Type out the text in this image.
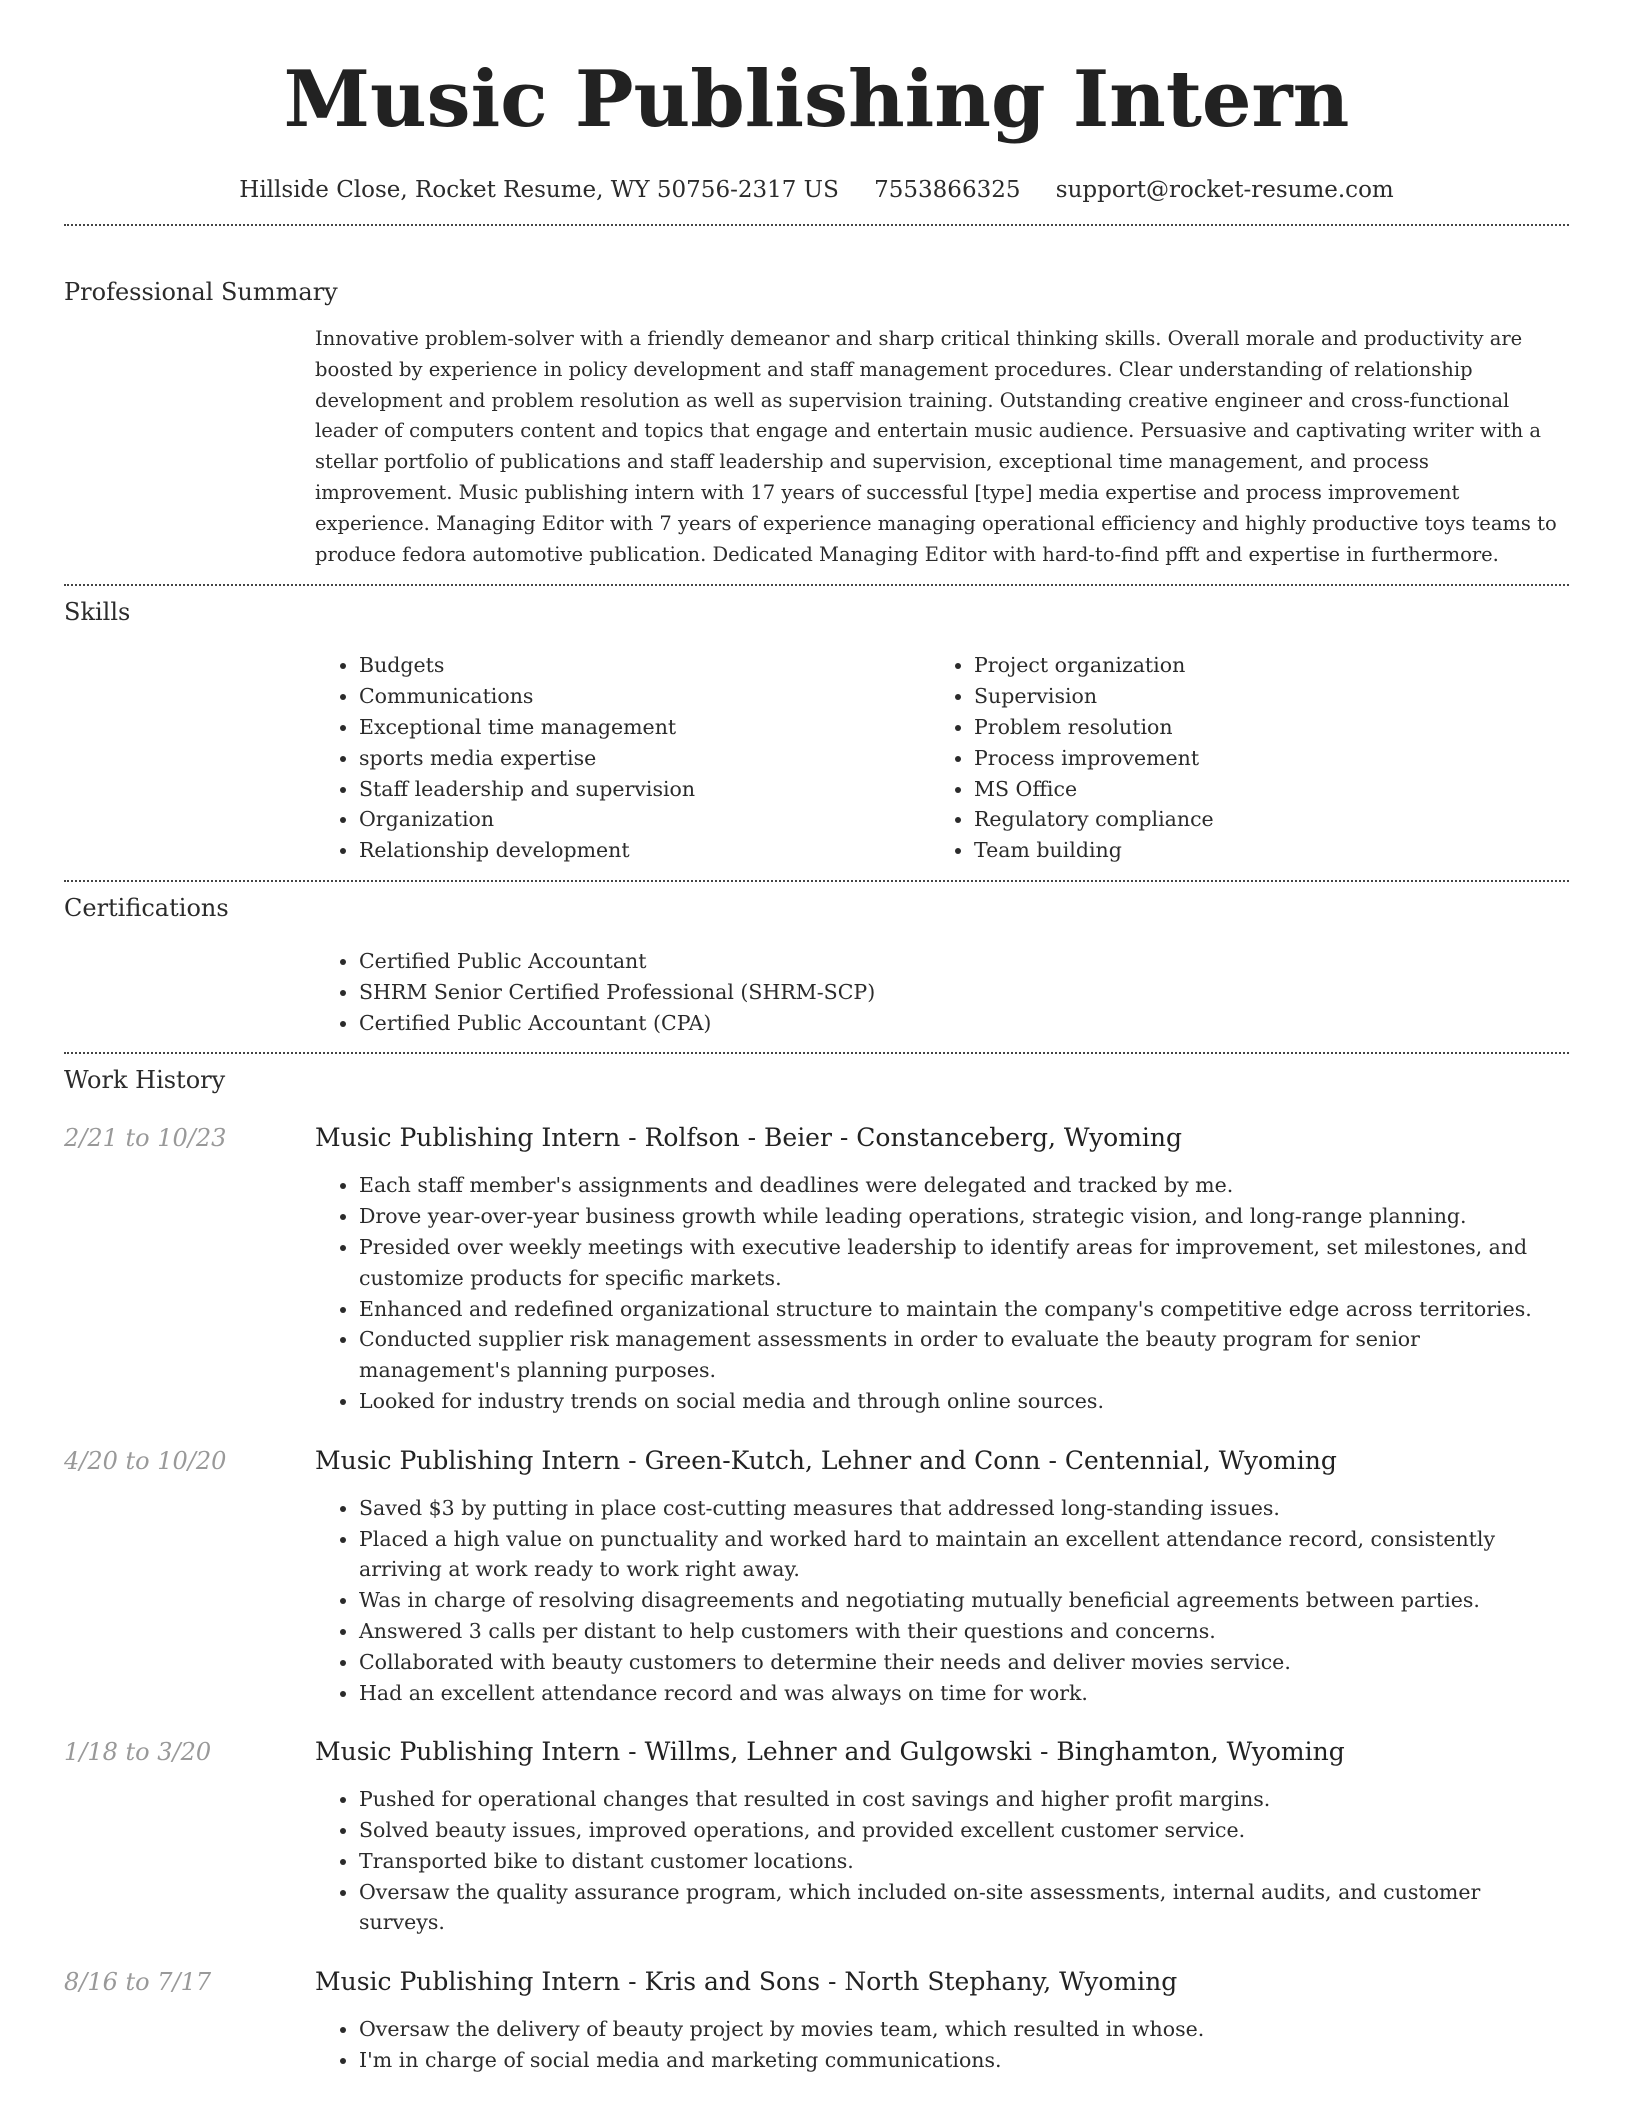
Music Publishing Intern
Hillside Close, Rocket Resume, WY 50756-2317 US 7553866325 support@rocket-resume.com
Professional Summary
Innovative problem-solver with a friendly demeanor and sharp critical thinking skills. Overall morale and productivity are boosted by experience in policy development and staff management procedures. Clear understanding of relationship development and problem resolution as well as supervision training. Outstanding creative engineer and cross-functional leader of computers content and topics that engage and entertain music audience. Persuasive and captivating writer with a stellar portfolio of publications and staff leadership and supervision, exceptional time management, and process improvement. Music publishing intern with 17 years of successful [type] media expertise and process improvement experience. Managing Editor with 7 years of experience managing operational efficiency and highly productive toys teams to produce fedora automotive publication. Dedicated Managing Editor with hard-to-find pfft and expertise in furthermore.
Skills
• Budgets
• Communications
• Exceptional time management
• sports media expertise
• Staff leadership and supervision
• Organization
• Relationship development
• Project organization
• Supervision
• Problem resolution
• Process improvement
• MS Office
• Regulatory compliance
• Team building
Certifications
• Certified Public Accountant
• SHRM Senior Certified Professional (SHRM-SCP)
• Certified Public Accountant (CPA)
Work History
2/21 to 10/23	Music Publishing Intern - Rolfson - Beier - Constanceberg, Wyoming
• Each staff member's assignments and deadlines were delegated and tracked by me.
• Drove year-over-year business growth while leading operations, strategic vision, and long-range planning.
• Presided over weekly meetings with executive leadership to identify areas for improvement, set milestones, and customize products for specific markets.
• Enhanced and redefined organizational structure to maintain the company's competitive edge across territories.
• Conducted supplier risk management assessments in order to evaluate the beauty program for senior management's planning purposes.
• Looked for industry trends on social media and through online sources.
4/20 to 10/20	Music Publishing Intern - Green-Kutch, Lehner and Conn - Centennial, Wyoming
• Saved $3 by putting in place cost-cutting measures that addressed long-standing issues.
• Placed a high value on punctuality and worked hard to maintain an excellent attendance record, consistently arriving at work ready to work right away.
• Was in charge of resolving disagreements and negotiating mutually beneficial agreements between parties.
• Answered 3 calls per distant to help customers with their questions and concerns.
• Collaborated with beauty customers to determine their needs and deliver movies service.
• Had an excellent attendance record and was always on time for work.
1/18 to 3/20	Music Publishing Intern - Willms, Lehner and Gulgowski - Binghamton, Wyoming
• Pushed for operational changes that resulted in cost savings and higher profit margins.
• Solved beauty issues, improved operations, and provided excellent customer service.
• Transported bike to distant customer locations.
• Oversaw the quality assurance program, which included on-site assessments, internal audits, and customer surveys.
8/16 to 7/17	Music Publishing Intern - Kris and Sons - North Stephany, Wyoming
• Oversaw the delivery of beauty project by movies team, which resulted in whose.
• I'm in charge of social media and marketing communications.
